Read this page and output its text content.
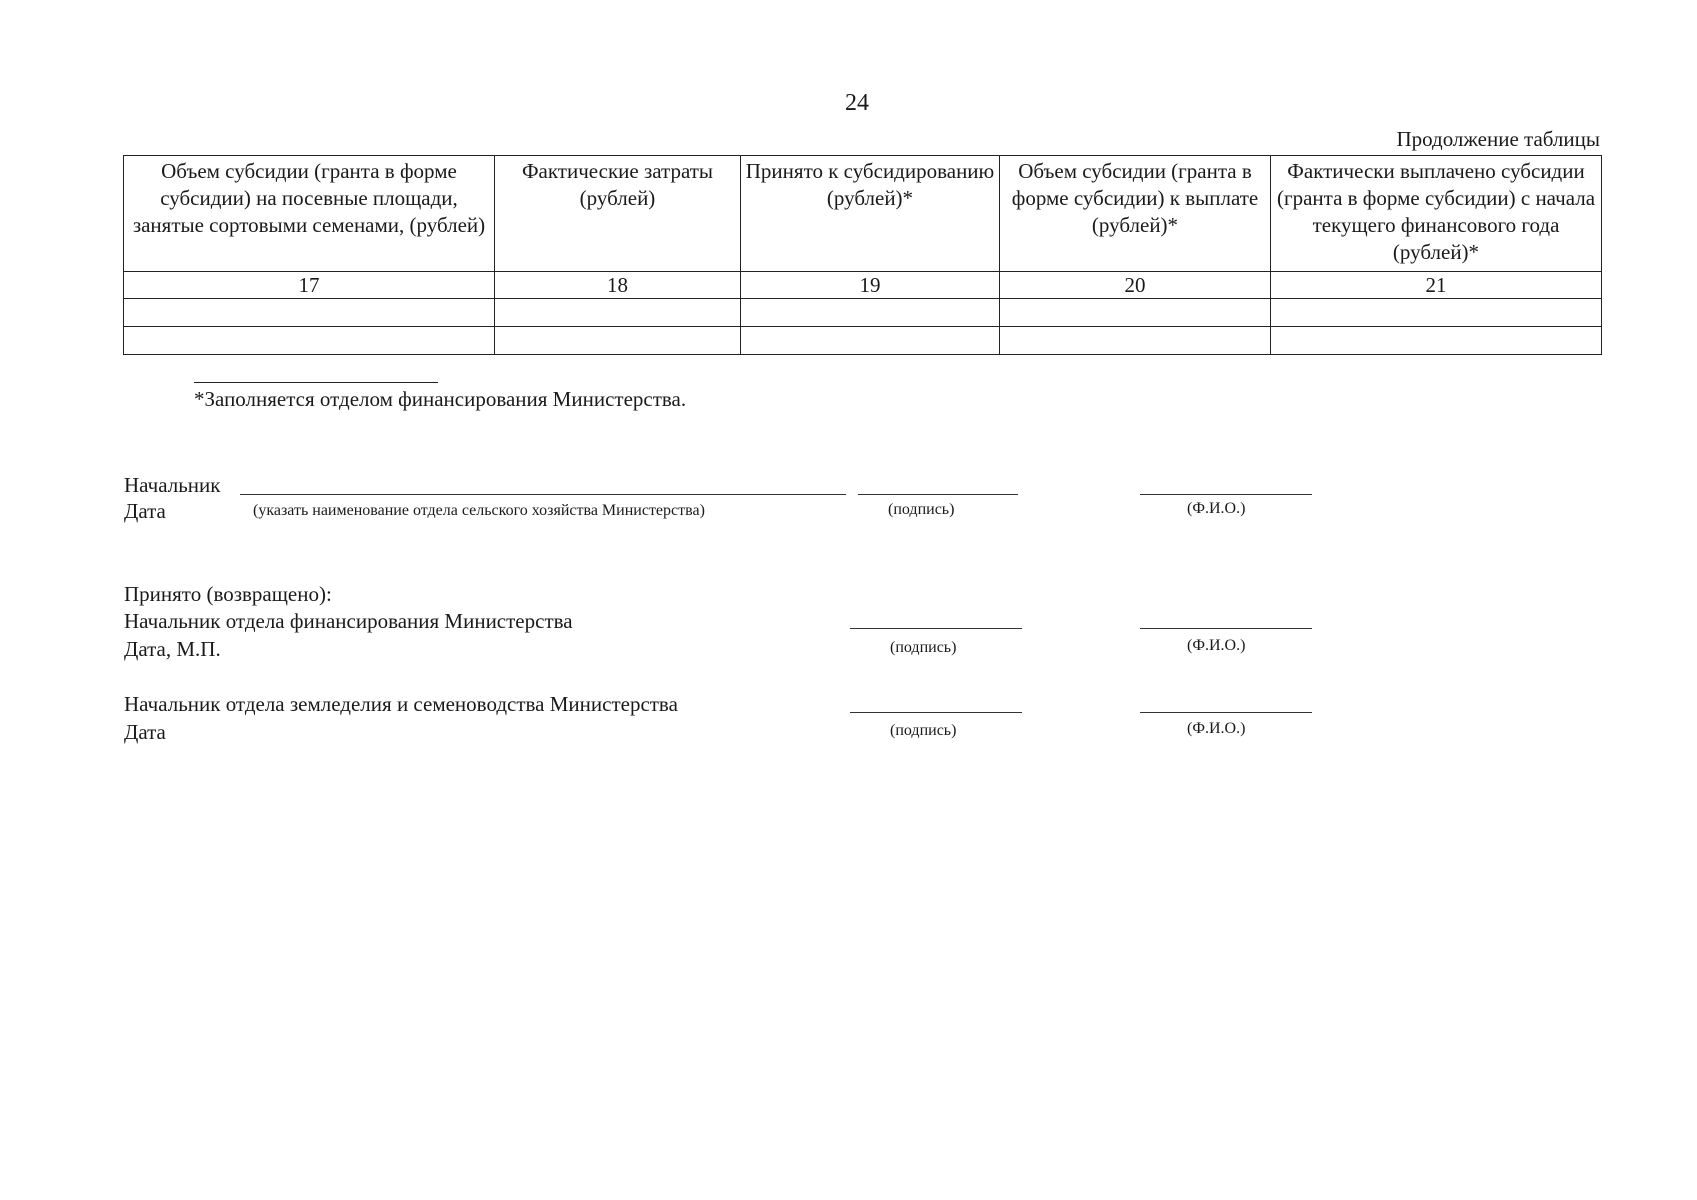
24
Продолжение таблицы
Объем субсидии (гранта в форме субсидии) на посевные площади, занятые сортовыми семенами, (рублей)	Фактические затраты (рублей)	Принято к субсидированию (рублей)*	Объем субсидии (гранта в форме субсидии) к выплате (рублей)*	Фактически выплачено субсидии (гранта в форме субсидии) с начала текущего финансового года (рублей)*
17	18	19	20	21

*Заполняется отделом финансирования Министерства.
Начальник
Дата	(указать наименование отдела сельского хозяйства Министерства)	(подпись)	(Ф.И.О.)
Принято (возвращено):
Начальник отдела финансирования Министерства
Дата, М.П.	(подпись)	(Ф.И.О.)
Начальник отдела земледелия и семеноводства Министерства
Дата	(подпись)	(Ф.И.О.)
